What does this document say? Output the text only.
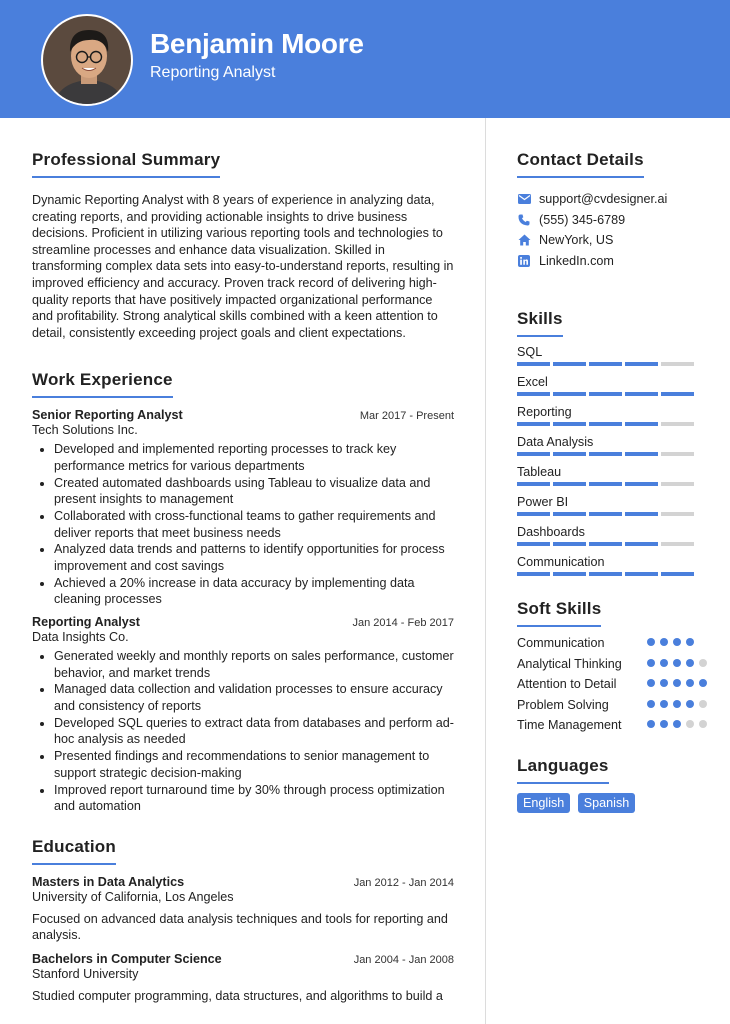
Benjamin Moore
Reporting Analyst
Professional Summary

Dynamic Reporting Analyst with 8 years of experience in analyzing data, creating reports, and providing actionable insights to drive business decisions. Proficient in utilizing various reporting tools and technologies to streamline processes and enhance data visualization. Skilled in transforming complex data sets into easy-to-understand reports, resulting in improved efficiency and accuracy. Proven track record of delivering high-quality reports that have positively impacted organizational performance and profitability. Strong analytical skills combined with a keen attention to detail, consistently exceeding project goals and client expectations.

Work Experience
Senior Reporting Analyst	Mar 2017 - Present
Tech Solutions Inc.
• Developed and implemented reporting processes to track key performance metrics for various departments
• Created automated dashboards using Tableau to visualize data and present insights to management
• Collaborated with cross-functional teams to gather requirements and deliver reports that meet business needs
• Analyzed data trends and patterns to identify opportunities for process improvement and cost savings
• Achieved a 20% increase in data accuracy by implementing data cleaning processes
Reporting Analyst	Jan 2014 - Feb 2017
Data Insights Co.
• Generated weekly and monthly reports on sales performance, customer behavior, and market trends
• Managed data collection and validation processes to ensure accuracy and consistency of reports
• Developed SQL queries to extract data from databases and perform ad-hoc analysis as needed
• Presented findings and recommendations to senior management to support strategic decision-making
• Improved report turnaround time by 30% through process optimization and automation
Education
Masters in Data Analytics	Jan 2012 - Jan 2014
University of California, Los Angeles

Focused on advanced data analysis techniques and tools for reporting and analysis.

Bachelors in Computer Science	Jan 2004 - Jan 2008
Stanford University

Studied computer programming, data structures, and algorithms to build a

Contact Details
support@cvdesigner.ai
(555) 345-6789
NewYork, US
LinkedIn.com
Skills
SQL
Excel
Reporting
Data Analysis
Tableau
Power BI
Dashboards
Communication
Soft Skills
Communication
Analytical Thinking
Attention to Detail
Problem Solving
Time Management
Languages
English Spanish
